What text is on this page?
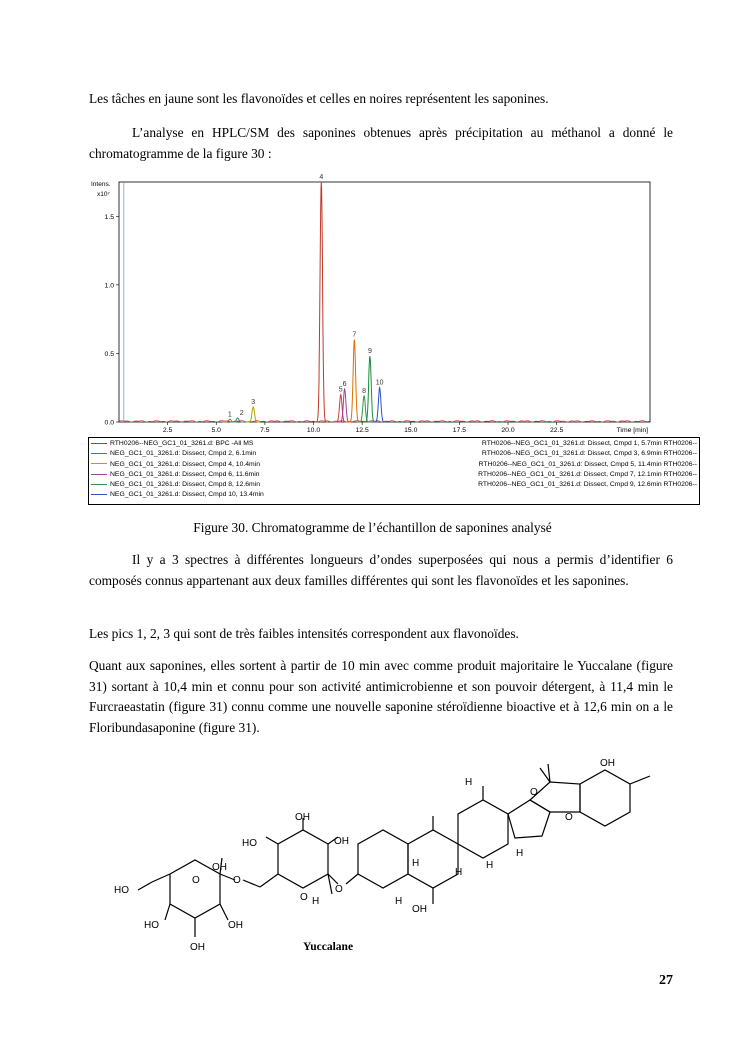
Les tâches en jaune sont les flavonoïdes et celles en noires représentent les saponines.

L’analyse en HPLC/SM des saponines obtenues après précipitation au méthanol a donné le chromatogramme de la figure 30 :

1 2
3
4
5
6
7
8
9
10
2.5	5.0	7.5	10.0	12.5	15.0	17.5	20.0	22.5	Time [min]
0.0
0.5
1.0
1.5
Intens.
x10⁷
RTH0206--NEG_GC1_01_3261.d: BPC -All MS
NEG_GC1_01_3261.d: Dissect, Cmpd 2, 6.1min
NEG_GC1_01_3261.d: Dissect, Cmpd 4, 10.4min
NEG_GC1_01_3261.d: Dissect, Cmpd 6, 11.6min
NEG_GC1_01_3261.d: Dissect, Cmpd 8, 12.6min
NEG_GC1_01_3261.d: Dissect, Cmpd 10, 13.4min
RTH0206--NEG_GC1_01_3261.d: Dissect, Cmpd 1, 5.7min RTH0206--
RTH0206--NEG_GC1_01_3261.d: Dissect, Cmpd 3, 6.9min RTH0206--
RTH0206--NEG_GC1_01_3261.d: Dissect, Cmpd 5, 11.4min RTH0206--
RTH0206--NEG_GC1_01_3261.d: Dissect, Cmpd 7, 12.1min RTH0206--
RTH0206--NEG_GC1_01_3261.d: Dissect, Cmpd 9, 12.6min RTH0206--
Figure 30. Chromatogramme de l’échantillon de saponines analysé

Il y a 3 spectres à différentes longueurs d’ondes superposées qui nous a permis d’identifier 6 composés connus appartenant aux deux familles différentes qui sont les flavonoïdes et les saponines.

Les pics 1, 2, 3 qui sont de très faibles intensités correspondent aux flavonoïdes.

Quant aux saponines, elles sortent à partir de 10 min avec comme produit majoritaire le Yuccalane (figure 31) sortant à 10,4 min et connu pour son activité antimicrobienne et son pouvoir détergent, à 11,4 min le Furcraeastatin (figure 31) connu comme une nouvelle saponine stéroïdienne bioactive et à 12,6 min on a le Floribundasaponine (figure 31).

HO
HO
OH
OH
OH
O	O
O
HO
OH
OH
H
O
OH
H
H
H
H
O
O
H
H
OH
Yuccalane
27
